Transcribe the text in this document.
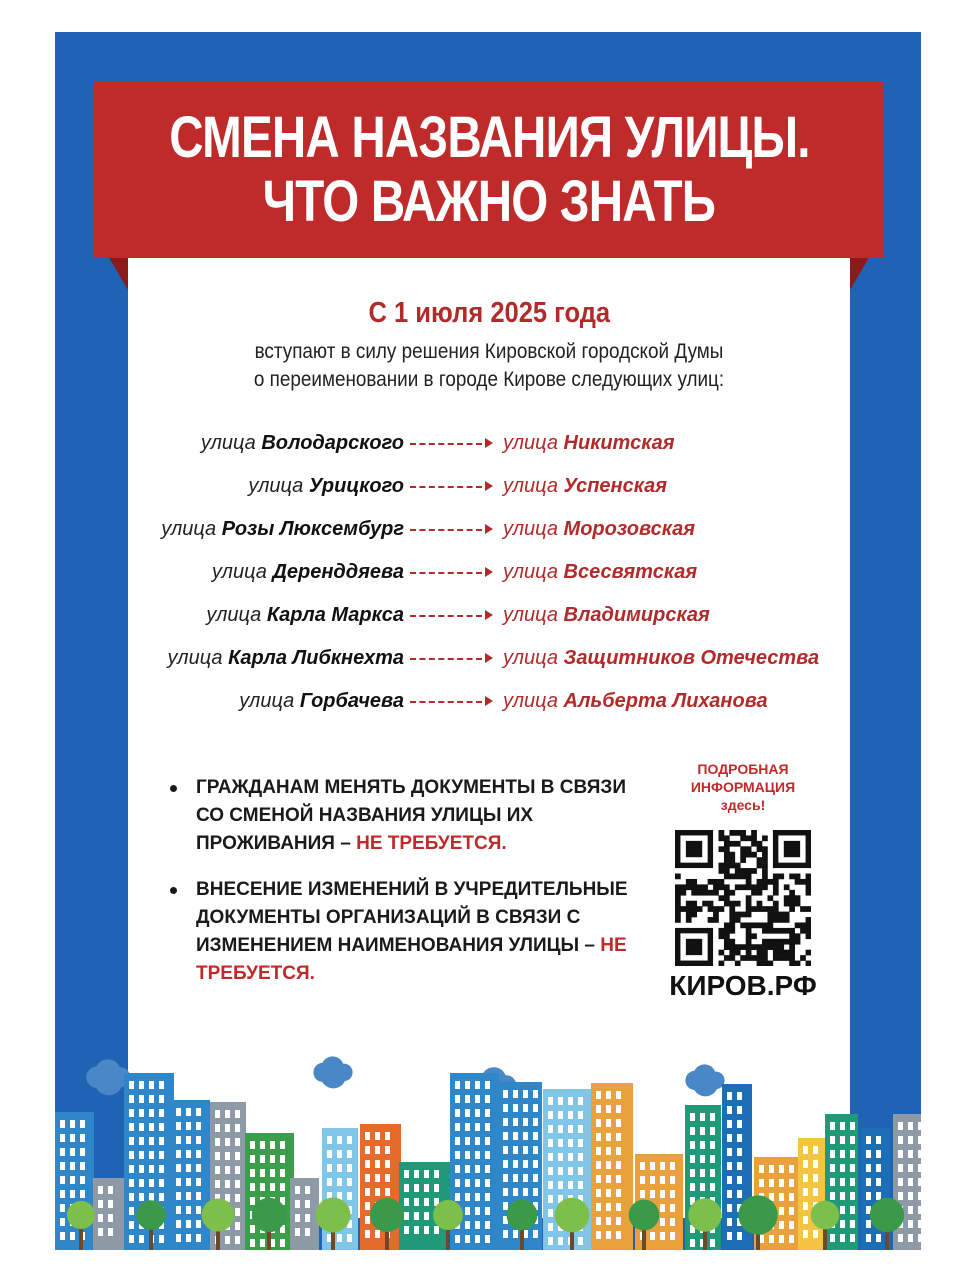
СМЕНА НАЗВАНИЯ УЛИЦЫ.
ЧТО ВАЖНО ЗНАТЬ
С 1 июля 2025 года
вступают в силу решения Кировской городской Думы
о переименовании в городе Кирове следующих улиц:
улица Володарского	улица Никитская
улица Урицкого	улица Успенская
улица Розы Люксембург	улица Морозовская
улица Деренддяева	улица Всесвятская
улица Карла Маркса	улица Владимирская
улица Карла Либкнехта	улица Защитников Отечества
улица Горбачева	улица Альберта Лиханова
ГРАЖДАНАМ МЕНЯТЬ ДОКУМЕНТЫ В СВЯЗИ СО СМЕНОЙ НАЗВАНИЯ УЛИЦЫ ИХ ПРОЖИВАНИЯ – НЕ ТРЕБУЕТСЯ.
ВНЕСЕНИЕ ИЗМЕНЕНИЙ В УЧРЕДИТЕЛЬНЫЕ ДОКУМЕНТЫ ОРГАНИЗАЦИЙ В СВЯЗИ С ИЗМЕНЕНИЕМ НАИМЕНОВАНИЯ УЛИЦЫ – НЕ ТРЕБУЕТСЯ.
ПОДРОБНАЯ
ИНФОРМАЦИЯ
здесь!
КИРОВ.РФ
